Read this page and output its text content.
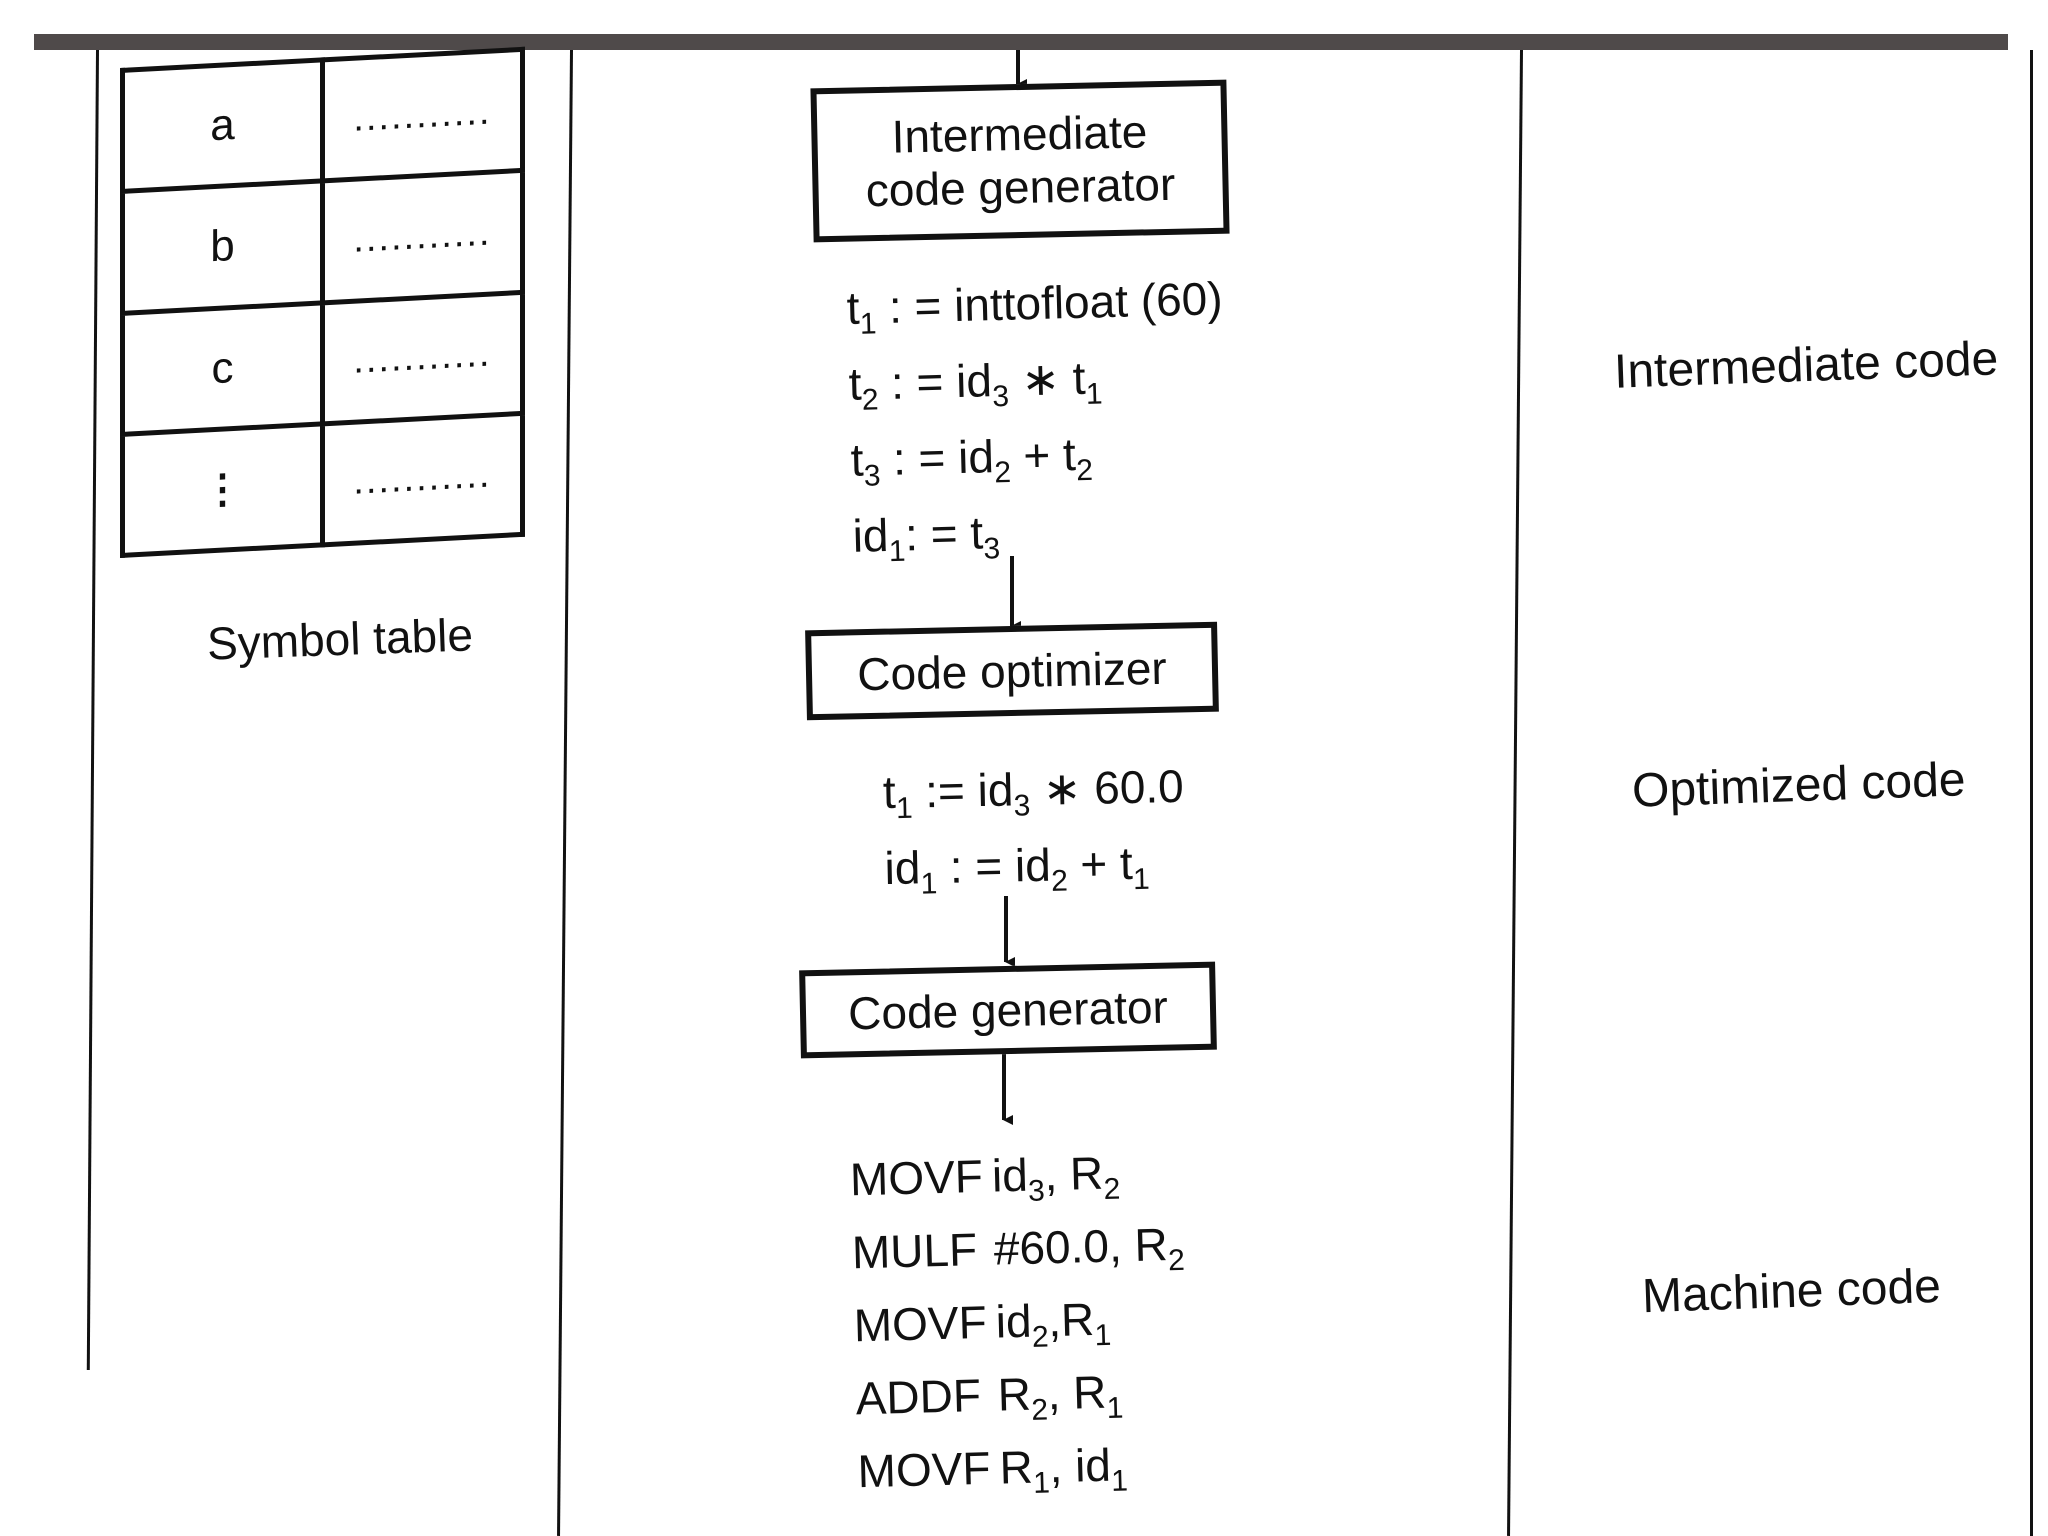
a	...........
b	...........
c	...........
⋮	...........
Symbol table
Intermediate code generator
Code optimizer
Code generator
$t_1$ : = inttofloat (60)
$t_2$ : = $id_3$ ∗ $t_1$
$t_3$ : = $id_2 + t_2$
$id_1$: = $t_3$
$t_1$ := $id_3$ ∗ 60.0
$id_1$ : = $id_2 + t_1$
MOVF $id_3$, $R_2$
MULF #60.0, $R_2$
MOVF $id_2,R_1$
ADDF $R_2$, $R_1$
MOVF $R_1$, $id_1$
Intermediate code
Optimized code
Machine code
